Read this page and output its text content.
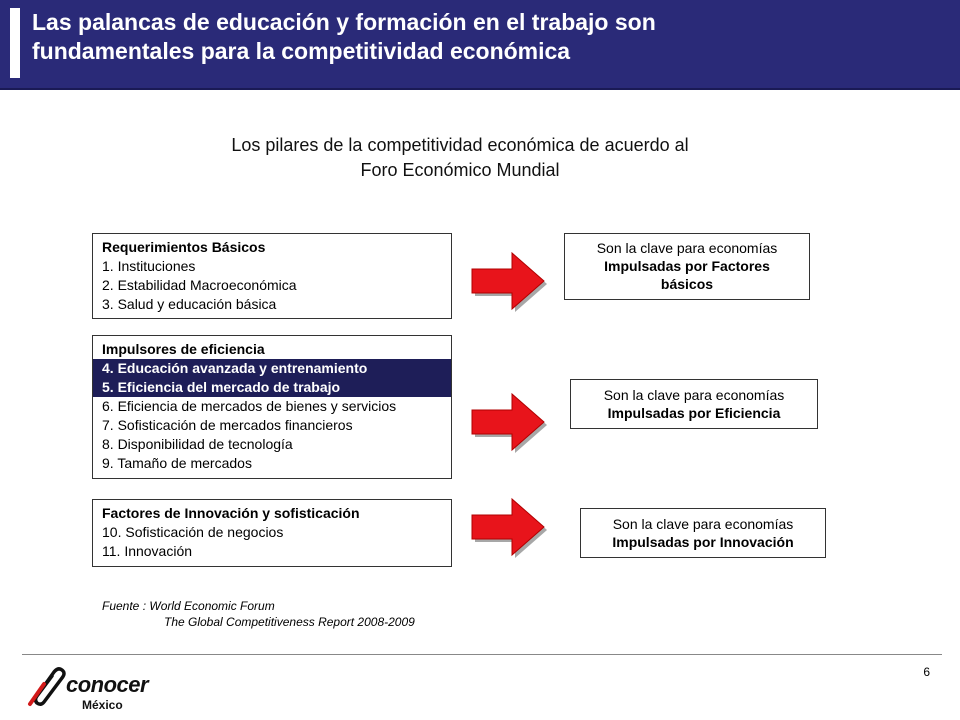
Las palancas de educación y formación en el trabajo son
fundamentales para la competitividad económica
Los pilares de la competitividad económica de acuerdo al
Foro Económico Mundial
Requerimientos Básicos
1. Instituciones
2. Estabilidad Macroeconómica
3. Salud y educación básica
Son la clave para economías
Impulsadas por Factores
básicos
Impulsores de eficiencia
4. Educación avanzada y entrenamiento
5. Eficiencia del mercado de trabajo
6. Eficiencia de mercados de bienes y servicios
7. Sofisticación de mercados financieros
8. Disponibilidad de tecnología
9. Tamaño de mercados
Son la clave para economías
Impulsadas por Eficiencia
Factores de Innovación y sofisticación
10. Sofisticación de negocios
11. Innovación
Son la clave para economías
Impulsadas por Innovación
Fuente : World Economic Forum
The Global Competitiveness Report 2008-2009
6
conocer
México
